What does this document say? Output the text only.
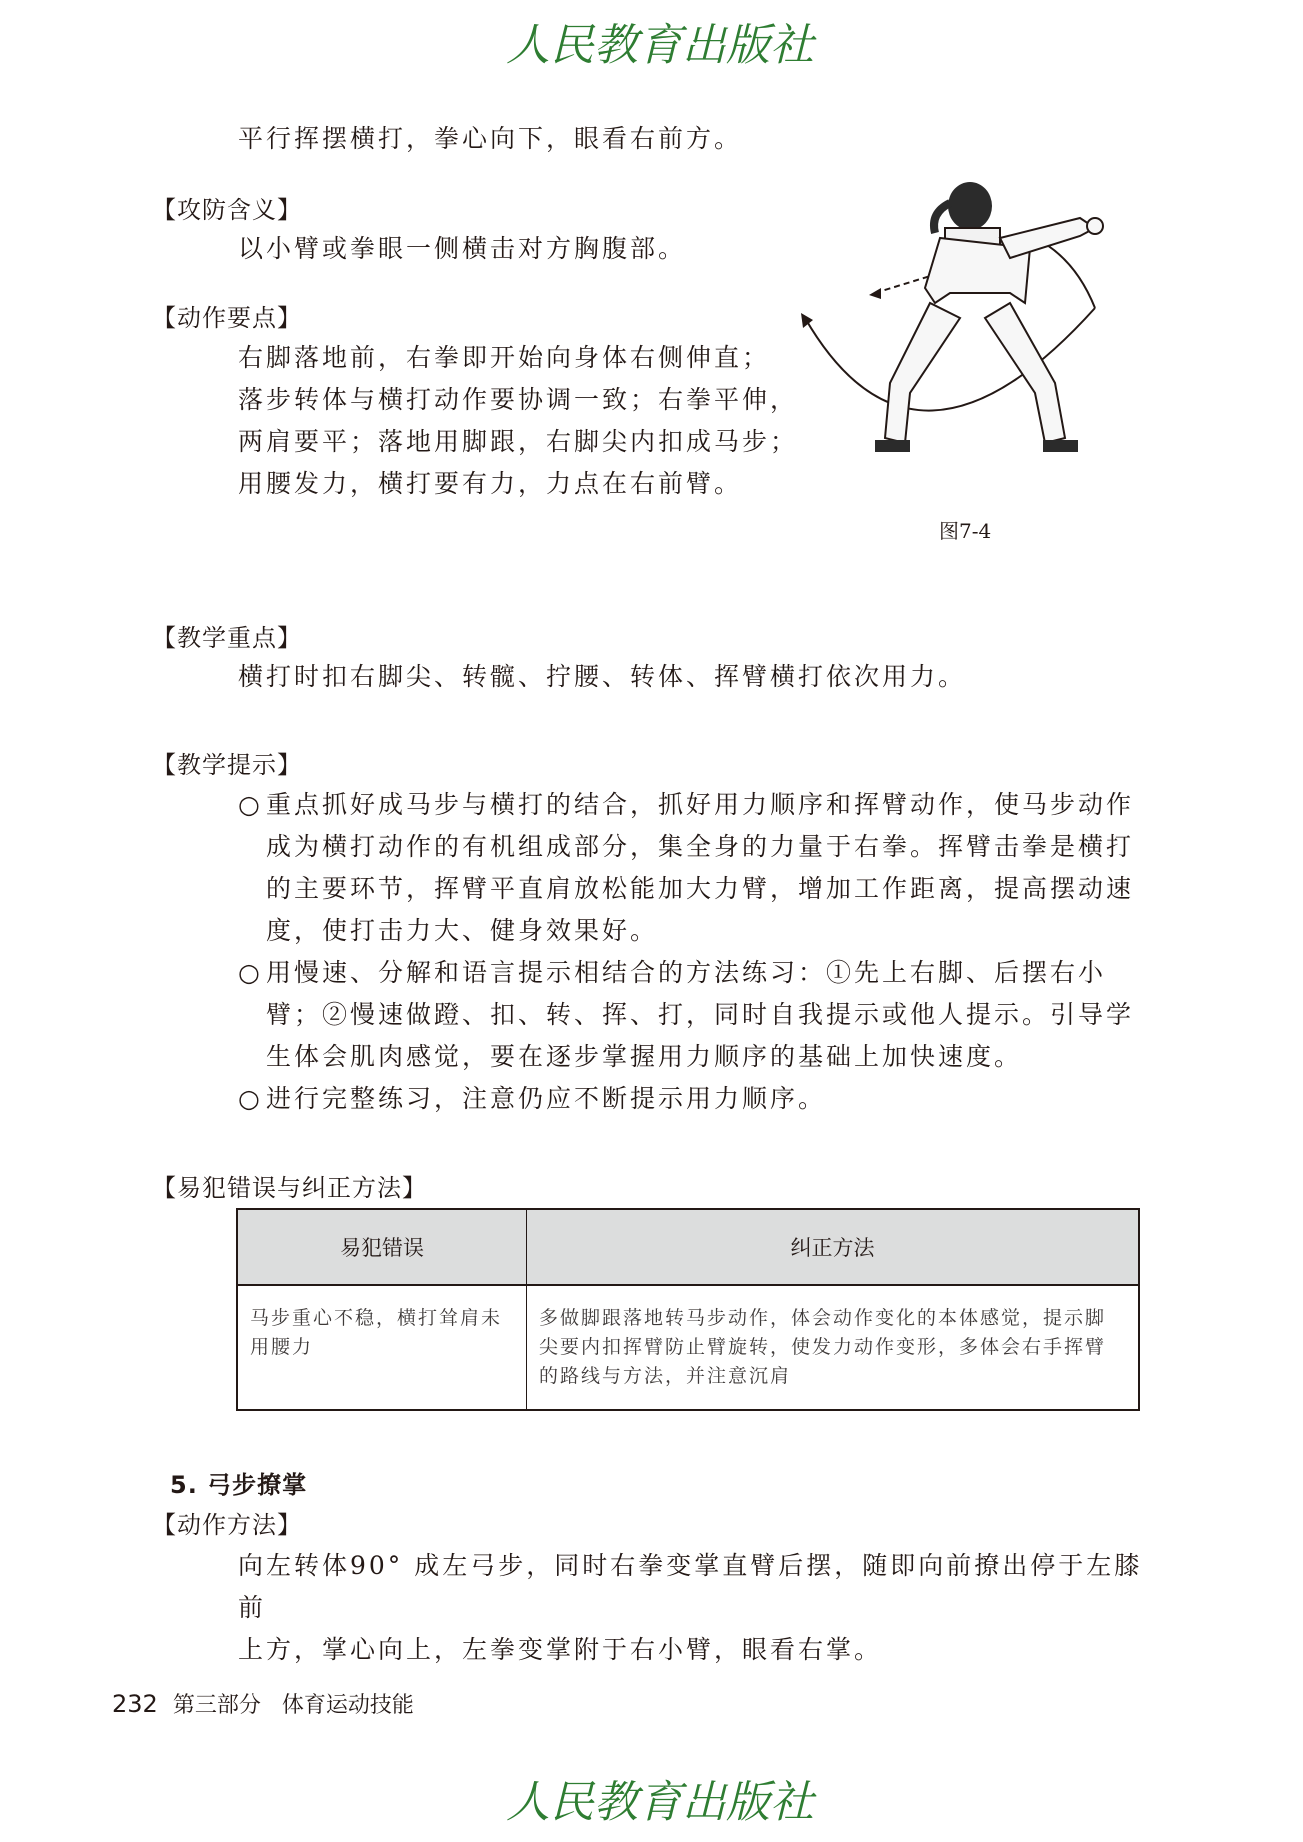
人民教育出版社
平行挥摆横打，拳心向下，眼看右前方。
【攻防含义】
以小臂或拳眼一侧横击对方胸腹部。
【动作要点】
右脚落地前，右拳即开始向身体右侧伸直；
落步转体与横打动作要协调一致；右拳平伸，
两肩要平；落地用脚跟，右脚尖内扣成马步；
用腰发力，横打要有力，力点在右前臂。
图7-4
【教学重点】
横打时扣右脚尖、转髋、拧腰、转体、挥臂横打依次用力。
【教学提示】
○ 重点抓好成马步与横打的结合，抓好用力顺序和挥臂动作，使马步动作成为横打动作的有机组成部分，集全身的力量于右拳。挥臂击拳是横打的主要环节，挥臂平直肩放松能加大力臂，增加工作距离，提高摆动速度，使打击力大、健身效果好。
○ 用慢速、分解和语言提示相结合的方法练习：①先上右脚、后摆右小臂；②慢速做蹬、扣、转、挥、打，同时自我提示或他人提示。引导学生体会肌肉感觉，要在逐步掌握用力顺序的基础上加快速度。
○ 进行完整练习，注意仍应不断提示用力顺序。
【易犯错误与纠正方法】
易犯错误	纠正方法
马步重心不稳，横打耸肩未用腰力	多做脚跟落地转马步动作，体会动作变化的本体感觉，提示脚尖要内扣挥臂防止臂旋转，使发力动作变形，多体会右手挥臂的路线与方法，并注意沉肩
5. 弓步撩掌
【动作方法】
向左转体90° 成左弓步，同时右拳变掌直臂后摆，随即向前撩出停于左膝前
上方，掌心向上，左拳变掌附于右小臂，眼看右掌。
232 第三部分 体育运动技能
人民教育出版社
